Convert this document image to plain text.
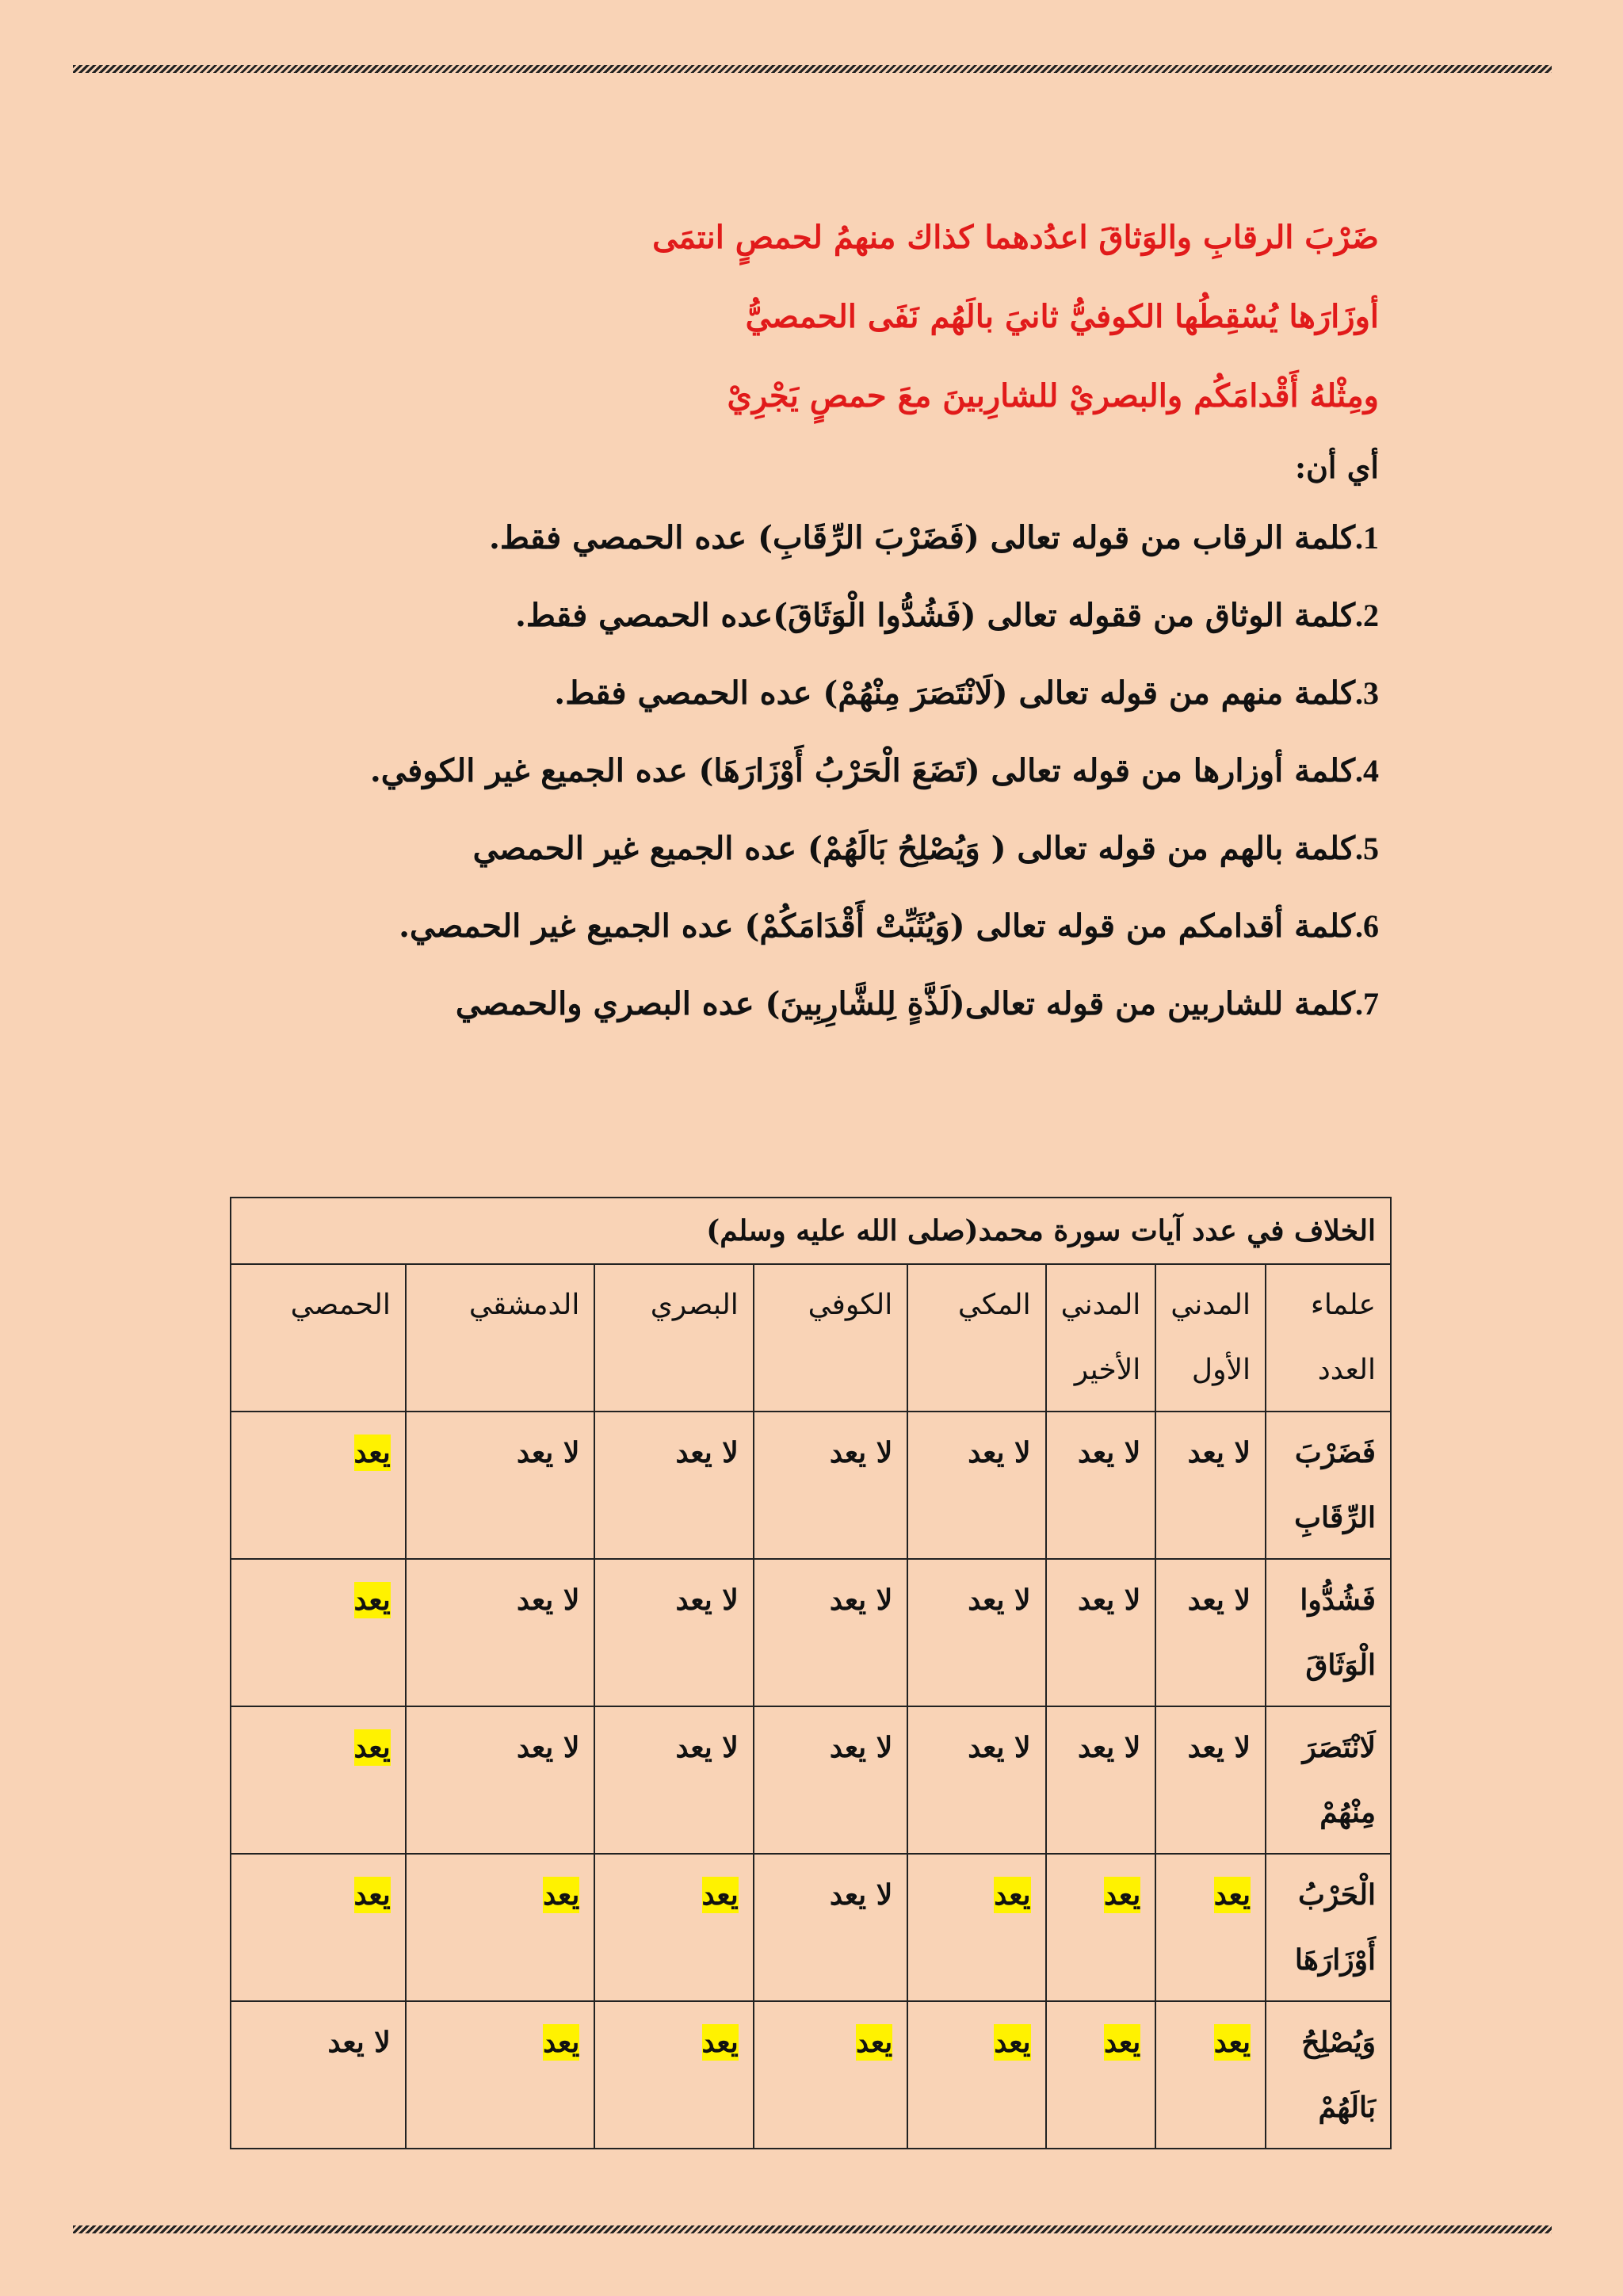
ضَرْبَ الرقابِ والوَثاقَ اعدُدهما كذاك منهمُ لحمصٍ انتمَى
أوزَارَها يُسْقِطُها الكوفيُّ ثانيَ بالَهُم نَفَى الحمصيُّ
ومِثْلهُ أَقْدامَكُم والبصريْ للشارِبينَ معَ حمصٍ يَجْرِيْ
أي أن:
1.كلمة الرقاب من قوله تعالى (فَضَرْبَ الرِّقَابِ) عده الحمصي فقط.
2.كلمة الوثاق من ققوله تعالى (فَشُدُّوا الْوَثَاقَ)عده الحمصي فقط.
3.كلمة منهم من قوله تعالى (لَانْتَصَرَ مِنْهُمْ) عده الحمصي فقط.
4.كلمة أوزارها من قوله تعالى (تَضَعَ الْحَرْبُ أَوْزَارَهَا) عده الجميع غير الكوفي.
5.كلمة بالهم من قوله تعالى ( وَيُصْلِحُ بَالَهُمْ) عده الجميع غير الحمصي
6.كلمة أقدامكم من قوله تعالى (وَيُثَبِّتْ أَقْدَامَكُمْ) عده الجميع غير الحمصي.
7.كلمة للشاربين من قوله تعالى(لَذَّةٍ لِلشَّارِبِينَ) عده البصري والحمصي
الخلاف في عدد آيات سورة محمد(صلى الله عليه وسلم)							
علماء العدد	المدني الأول	المدني الأخير	المكي	الكوفي	البصري	الدمشقي	الحمصي
فَضَرْبَ الرِّقَابِ	لا يعد	لا يعد	لا يعد	لا يعد	لا يعد	لا يعد	يعد
فَشُدُّوا الْوَثَاقَ	لا يعد	لا يعد	لا يعد	لا يعد	لا يعد	لا يعد	يعد
لَانْتَصَرَ مِنْهُمْ	لا يعد	لا يعد	لا يعد	لا يعد	لا يعد	لا يعد	يعد
الْحَرْبُ أَوْزَارَهَا	يعد	يعد	يعد	لا يعد	يعد	يعد	يعد
وَيُصْلِحُ بَالَهُمْ	يعد	يعد	يعد	يعد	يعد	يعد	لا يعد
